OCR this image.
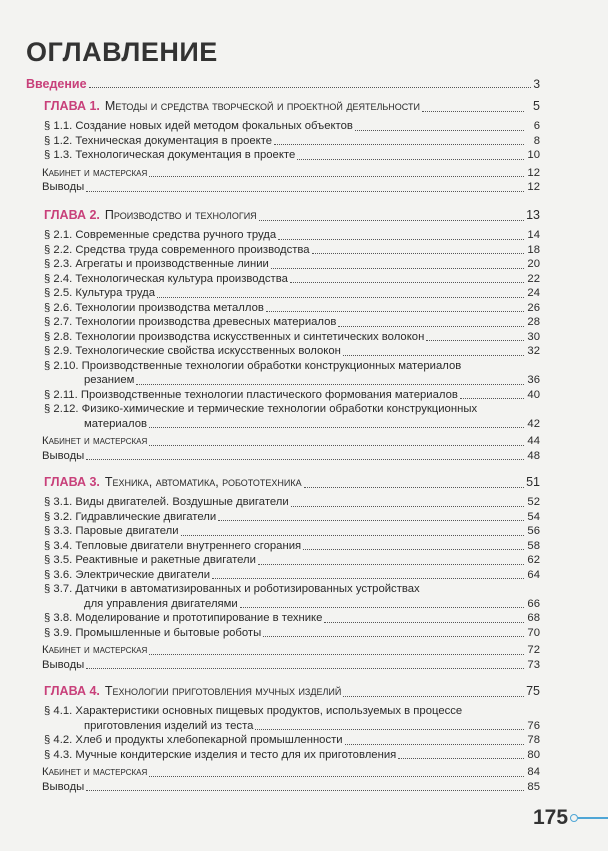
ОГЛАВЛЕНИЕ
Введение	3
ГЛАВА 1. Методы и средства творческой и проектной деятельности	5
§ 1.1. Создание новых идей методом фокальных объектов	6
§ 1.2. Техническая документация в проекте	8
§ 1.3. Технологическая документация в проекте	10
Кабинет и мастерская	12
Выводы	12
ГЛАВА 2. Производство и технология	13
§ 2.1. Современные средства ручного труда	14
§ 2.2. Средства труда современного производства	18
§ 2.3. Агрегаты и производственные линии	20
§ 2.4. Технологическая культура производства	22
§ 2.5. Культура труда	24
§ 2.6. Технологии производства металлов	26
§ 2.7. Технологии производства древесных материалов	28
§ 2.8. Технологии производства искусственных и синтетических волокон	30
§ 2.9. Технологические свойства искусственных волокон	32
§ 2.10. Производственные технологии обработки конструкционных материалов
резанием	36
§ 2.11. Производственные технологии пластического формования материалов	40
§ 2.12. Физико-химические и термические технологии обработки конструкционных
материалов	42
Кабинет и мастерская	44
Выводы	48
ГЛАВА 3. Техника, автоматика, робототехника	51
§ 3.1. Виды двигателей. Воздушные двигатели	52
§ 3.2. Гидравлические двигатели	54
§ 3.3. Паровые двигатели	56
§ 3.4. Тепловые двигатели внутреннего сгорания	58
§ 3.5. Реактивные и ракетные двигатели	62
§ 3.6. Электрические двигатели	64
§ 3.7. Датчики в автоматизированных и роботизированных устройствах
для управления двигателями	66
§ 3.8. Моделирование и прототипирование в технике	68
§ 3.9. Промышленные и бытовые роботы	70
Кабинет и мастерская	72
Выводы	73
ГЛАВА 4. Технологии приготовления мучных изделий	75
§ 4.1. Характеристики основных пищевых продуктов, используемых в процессе
приготовления изделий из теста	76
§ 4.2. Хлеб и продукты хлебопекарной промышленности	78
§ 4.3. Мучные кондитерские изделия и тесто для их приготовления	80
Кабинет и мастерская	84
Выводы	85
175
